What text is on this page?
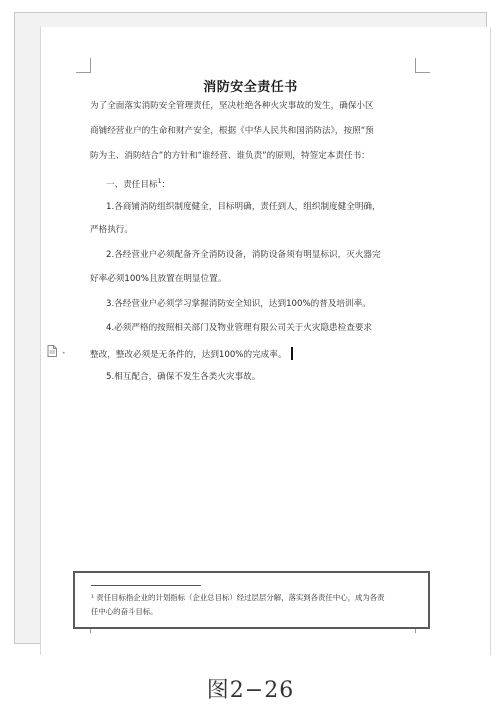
消防安全责任书
为了全面落实消防安全管理责任，坚决杜绝各种火灾事故的发生，确保小区
商铺经营业户的生命和财产安全，根据《中华人民共和国消防法》，按照“预
防为主、消防结合”的方针和“谁经营、谁负责”的原则，特签定本责任书：
一、责任目标$^1$：
1.各商铺消防组织制度健全，目标明确，责任到人，组织制度健全明确，
严格执行。
2.各经营业户必须配备齐全消防设备，消防设备须有明显标识，灭火器完
好率必须100%且放置在明显位置。
3.各经营业户必须学习掌握消防安全知识，达到100%的普及培训率。
4.必须严格的按照相关部门及物业管理有限公司关于火灾隐患检查要求
整改，整改必须是无条件的，达到100%的完成率。
5.相互配合，确保不发生各类火灾事故。
•
¹ 责任目标指企业的计划指标（企业总目标）经过层层分解，落实到各责任中心，成为各责
任中心的奋斗目标。
图2−26
